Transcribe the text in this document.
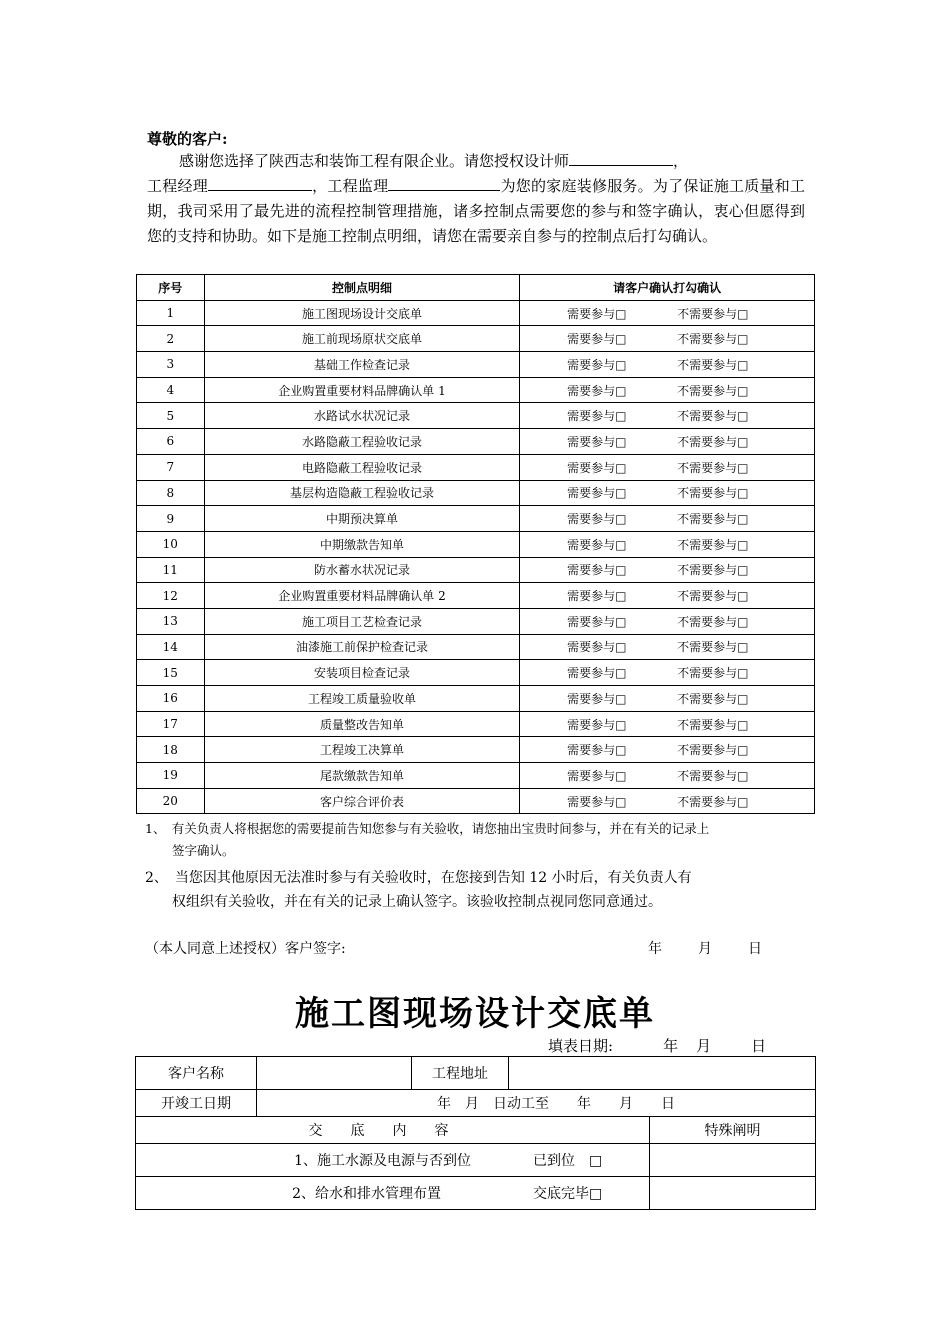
尊敬的客户:
感谢您选择了陕西志和装饰工程有限企业。请您授权设计师	，
工程经理	，工程监理	为您的家庭装修服务。为了保证施工质量和工期，我司采用了最先进的流程控制管理措施，诸多控制点需要您的参与和签字确认，衷心但愿得到您的支持和协助。如下是施工控制点明细，请您在需要亲自参与的控制点后打勾确认。
序号	控制点明细	请客户确认打勾确认
1	施工图现场设计交底单	需要参与□ 不需要参与□
2	施工前现场原状交底单	需要参与□ 不需要参与□
3	基础工作检查记录	需要参与□ 不需要参与□
4	企业购置重要材料品牌确认单 1	需要参与□ 不需要参与□
5	水路试水状况记录	需要参与□ 不需要参与□
6	水路隐蔽工程验收记录	需要参与□ 不需要参与□
7	电路隐蔽工程验收记录	需要参与□ 不需要参与□
8	基层构造隐蔽工程验收记录	需要参与□ 不需要参与□
9	中期预决算单	需要参与□ 不需要参与□
10	中期缴款告知单	需要参与□ 不需要参与□
11	防水蓄水状况记录	需要参与□ 不需要参与□
12	企业购置重要材料品牌确认单 2	需要参与□ 不需要参与□
13	施工项目工艺检查记录	需要参与□ 不需要参与□
14	油漆施工前保护检查记录	需要参与□ 不需要参与□
15	安装项目检查记录	需要参与□ 不需要参与□
16	工程竣工质量验收单	需要参与□ 不需要参与□
17	质量整改告知单	需要参与□ 不需要参与□
18	工程竣工决算单	需要参与□ 不需要参与□
19	尾款缴款告知单	需要参与□ 不需要参与□
20	客户综合评价表	需要参与□ 不需要参与□
1、　有关负责人将根据您的需要提前告知您参与有关验收，请您抽出宝贵时间参与，并在有关的记录上
签字确认。
2、　当您因其他原因无法准时参与有关验收时，在您接到告知 12 小时后，有关负责人有
权组织有关验收，并在有关的记录上确认签字。该验收控制点视同您同意通过。
（本人同意上述授权）客户签字:	年	月	日
施工图现场设计交底单
填表日期:	年 月	日
客户名称		工程地址		
开竣工日期	年　月　日动工至　　年　　月　　日			
交底内容				特殊阐明
1、施工水源及电源与否到位 已到位　□				
2、给水和排水管理布置 交底完毕□				
